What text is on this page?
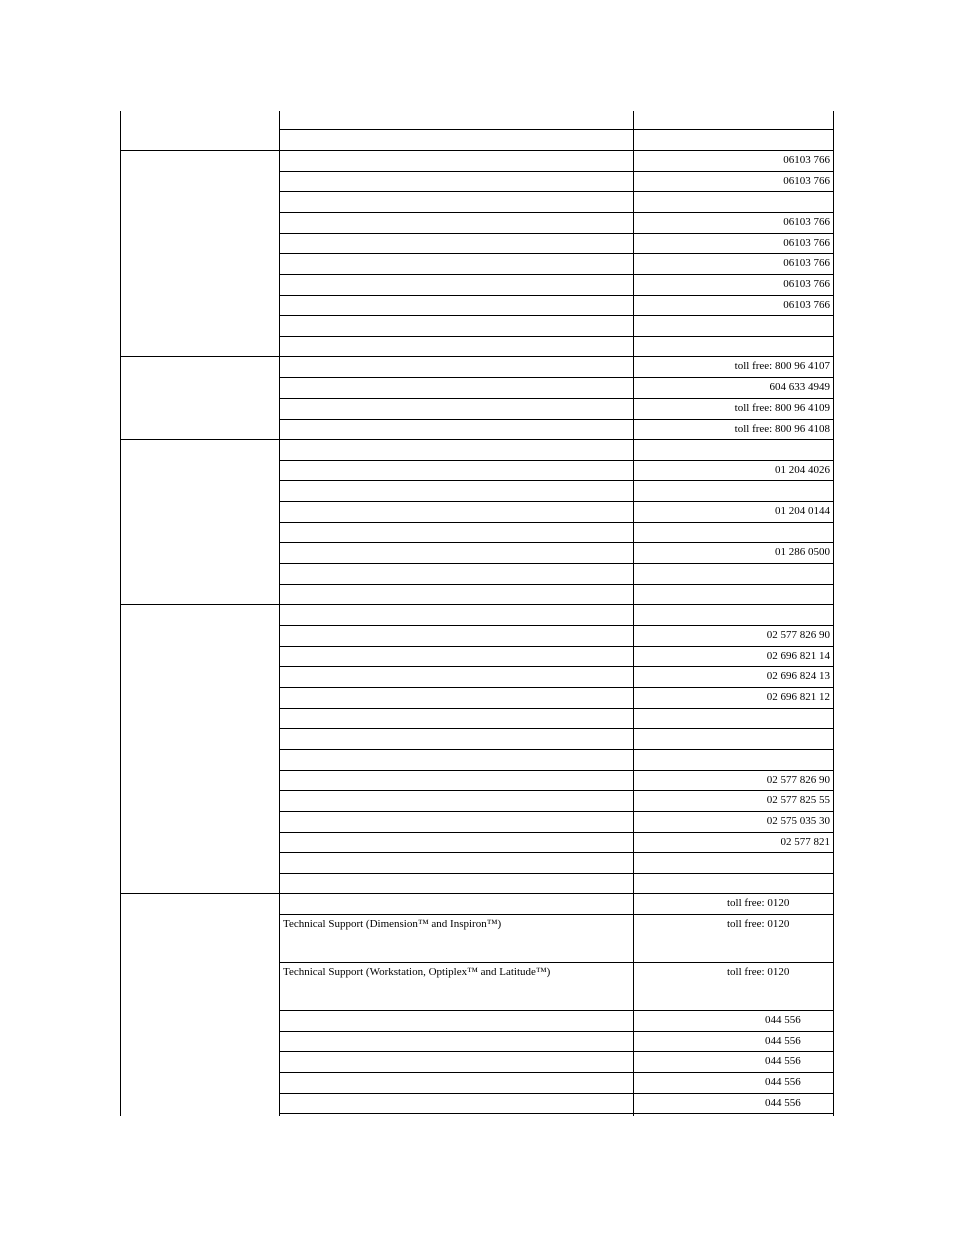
06103 766
06103 766
06103 766
06103 766
06103 766
06103 766
06103 766
toll free: 800 96 4107
604 633 4949
toll free: 800 96 4109
toll free: 800 96 4108
01 204 4026
01 204 0144
01 286 0500
02 577 826 90
02 696 821 14
02 696 824 13
02 696 821 12
02 577 826 90
02 577 825 55
02 575 035 30
02 577 821
toll free: 0120
toll free: 0120
Technical Support (Dimension™ and Inspiron™)
toll free: 0120
Technical Support (Workstation, Optiplex™ and Latitude™)
044 556
044 556
044 556
044 556
044 556
